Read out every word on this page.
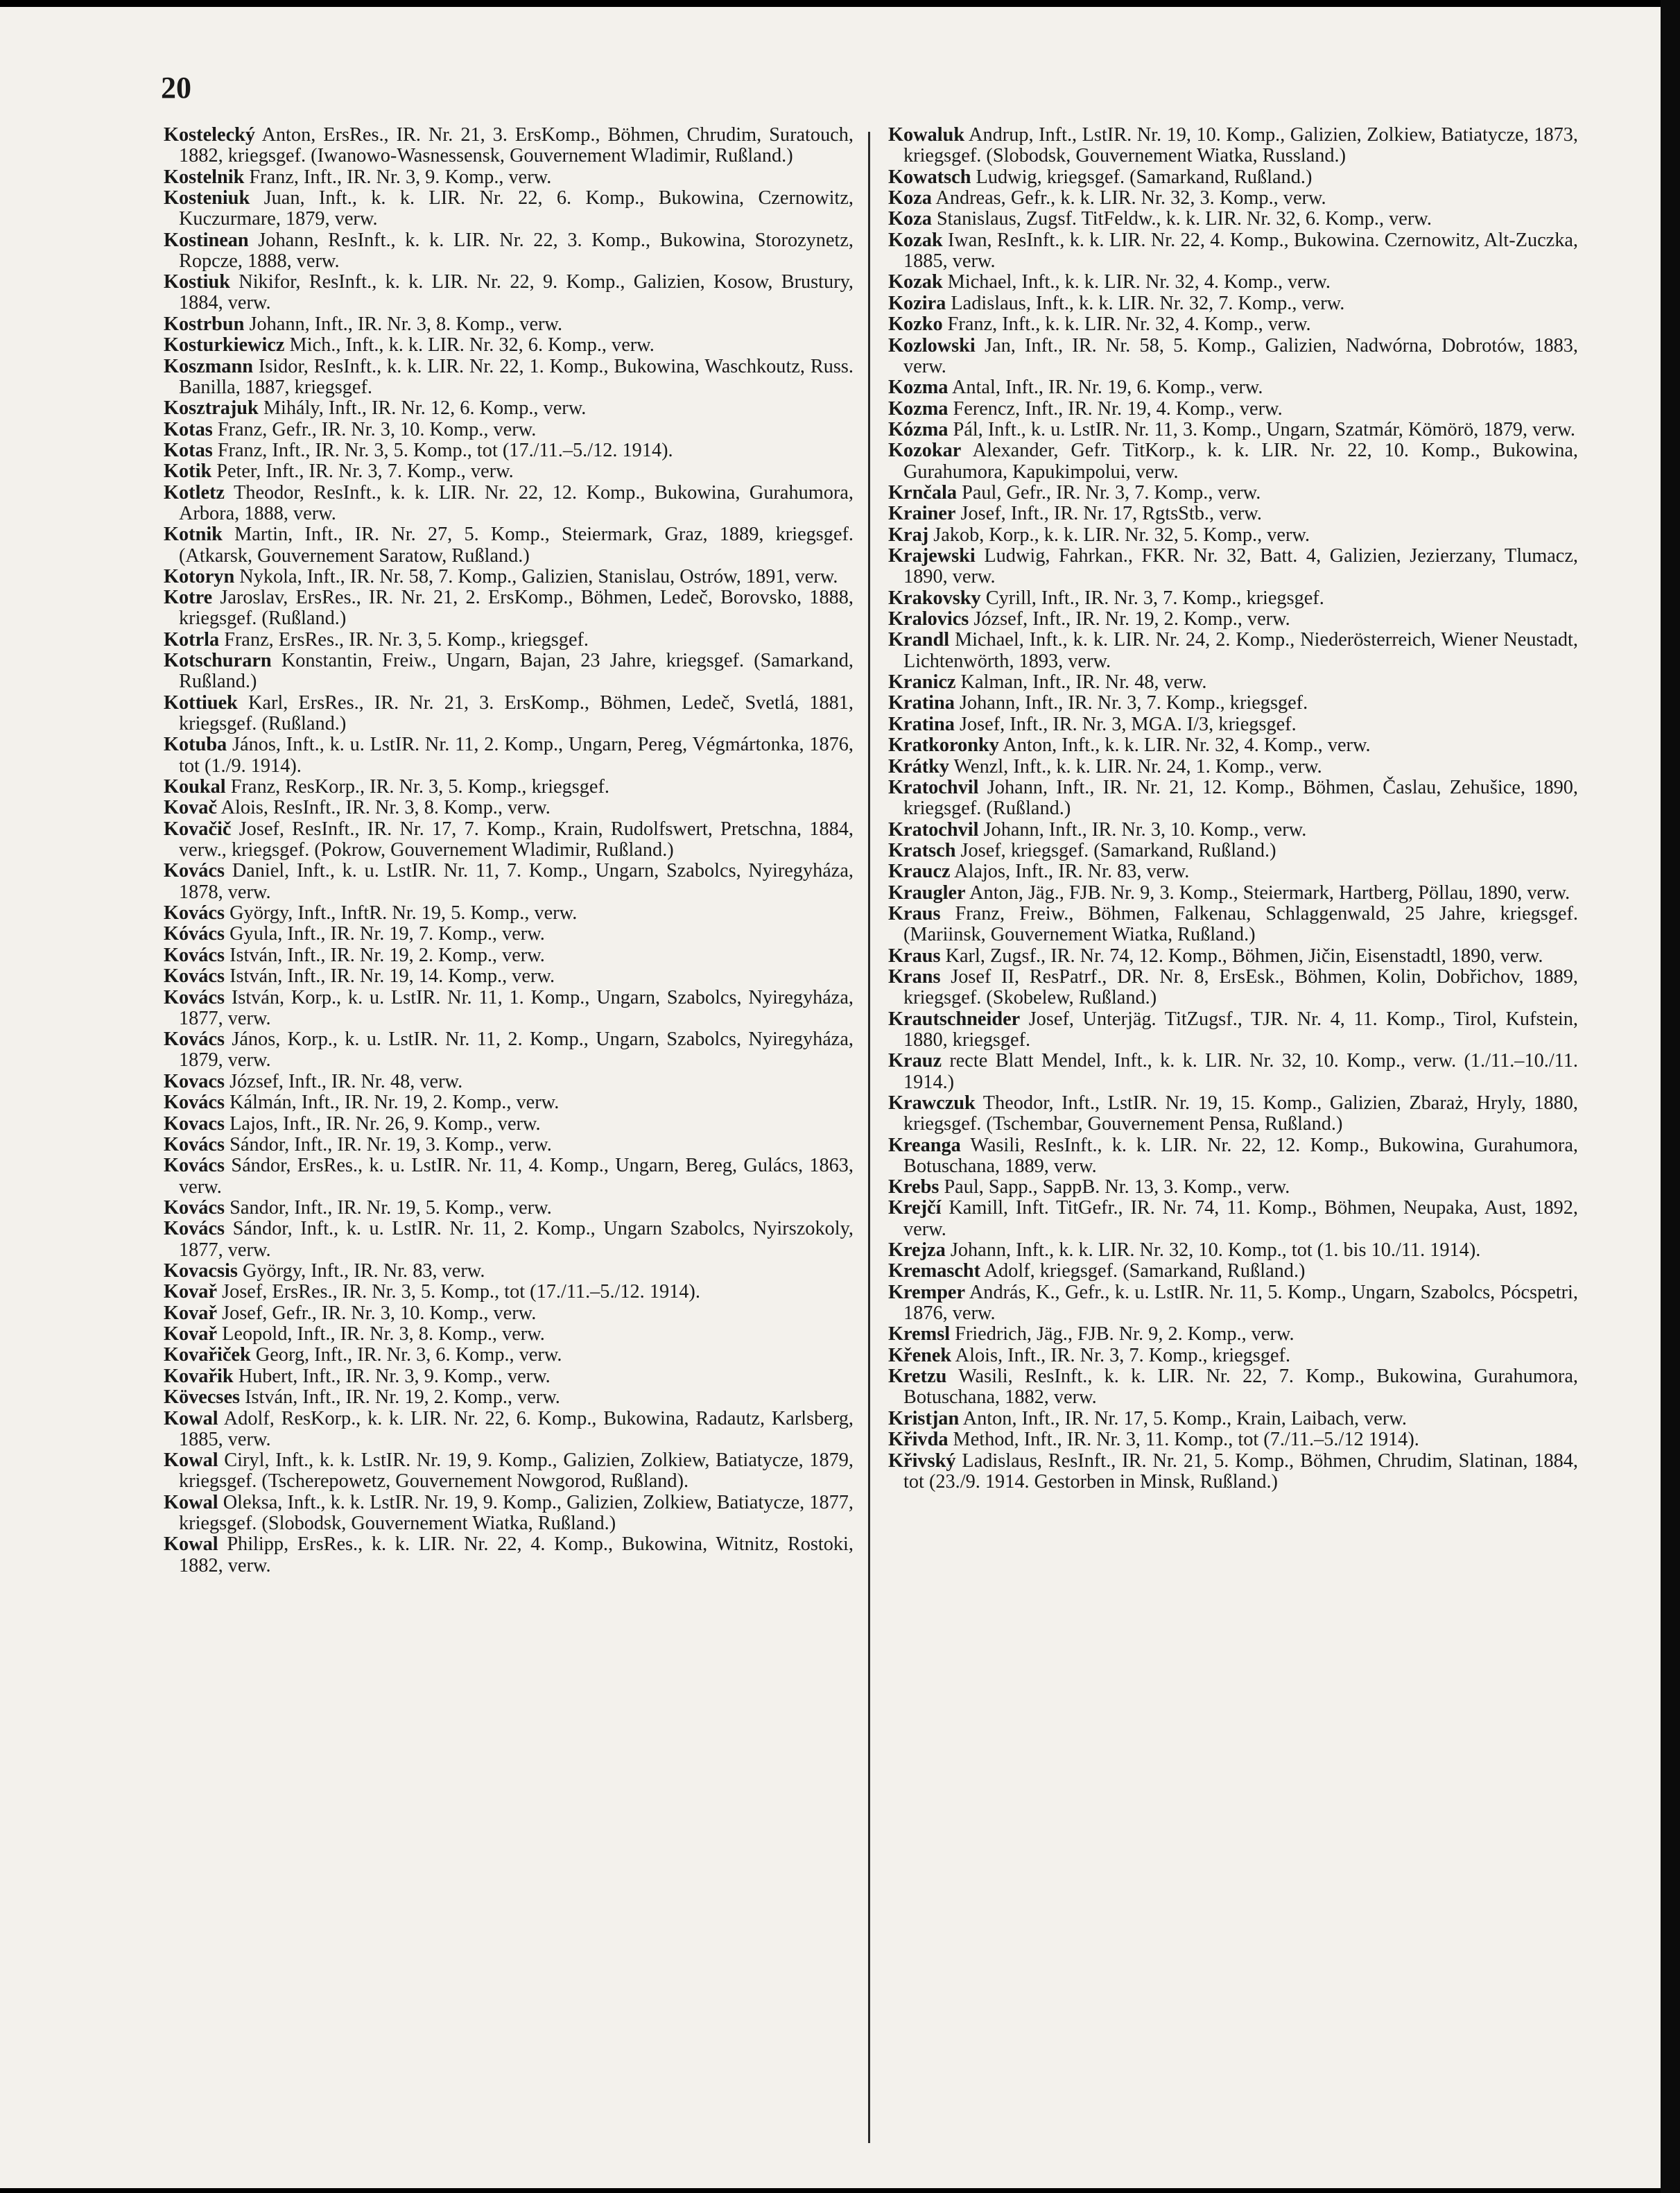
20

Kostelecký Anton, ErsRes., IR. Nr. 21, 3. ErsKomp., Böhmen, Chrudim, Suratouch, 1882, kriegsgef. (Iwanowo-Wasnessensk, Gouvernement Wladimir, Rußland.)

Kostelnik Franz, Inft., IR. Nr. 3, 9. Komp., verw.

Kosteniuk Juan, Inft., k. k. LIR. Nr. 22, 6. Komp., Bukowina, Czernowitz, Kuczurmare, 1879, verw.

Kostinean Johann, ResInft., k. k. LIR. Nr. 22, 3. Komp., Bukowina, Storozynetz, Ropcze, 1888, verw.

Kostiuk Nikifor, ResInft., k. k. LIR. Nr. 22, 9. Komp., Galizien, Kosow, Brustury, 1884, verw.

Kostrbun Johann, Inft., IR. Nr. 3, 8. Komp., verw.

Kosturkiewicz Mich., Inft., k. k. LIR. Nr. 32, 6. Komp., verw.

Koszmann Isidor, ResInft., k. k. LIR. Nr. 22, 1. Komp., Bukowina, Waschkoutz, Russ. Banilla, 1887, kriegsgef.

Kosztrajuk Mihály, Inft., IR. Nr. 12, 6. Komp., verw.

Kotas Franz, Gefr., IR. Nr. 3, 10. Komp., verw.

Kotas Franz, Inft., IR. Nr. 3, 5. Komp., tot (17./11.–5./12. 1914).

Kotik Peter, Inft., IR. Nr. 3, 7. Komp., verw.

Kotletz Theodor, ResInft., k. k. LIR. Nr. 22, 12. Komp., Bukowina, Gurahumora, Arbora, 1888, verw.

Kotnik Martin, Inft., IR. Nr. 27, 5. Komp., Steiermark, Graz, 1889, kriegsgef. (Atkarsk, Gouvernement Saratow, Rußland.)

Kotoryn Nykola, Inft., IR. Nr. 58, 7. Komp., Galizien, Stanislau, Ostrów, 1891, verw.

Kotre Jaroslav, ErsRes., IR. Nr. 21, 2. ErsKomp., Böhmen, Ledeč, Borovsko, 1888, kriegsgef. (Rußland.)

Kotrla Franz, ErsRes., IR. Nr. 3, 5. Komp., kriegsgef.

Kotschurarn Konstantin, Freiw., Ungarn, Bajan, 23 Jahre, kriegsgef. (Samarkand, Rußland.)

Kottiuek Karl, ErsRes., IR. Nr. 21, 3. ErsKomp., Böhmen, Ledeč, Svetlá, 1881, kriegsgef. (Rußland.)

Kotuba János, Inft., k. u. LstIR. Nr. 11, 2. Komp., Ungarn, Pereg, Végmártonka, 1876, tot (1./9. 1914).

Koukal Franz, ResKorp., IR. Nr. 3, 5. Komp., kriegsgef.

Kovač Alois, ResInft., IR. Nr. 3, 8. Komp., verw.

Kovačič Josef, ResInft., IR. Nr. 17, 7. Komp., Krain, Rudolfswert, Pretschna, 1884, verw., kriegsgef. (Pokrow, Gouvernement Wladimir, Rußland.)

Kovács Daniel, Inft., k. u. LstIR. Nr. 11, 7. Komp., Ungarn, Szabolcs, Nyiregyháza, 1878, verw.

Kovács György, Inft., InftR. Nr. 19, 5. Komp., verw.

Kóvács Gyula, Inft., IR. Nr. 19, 7. Komp., verw.

Kovács István, Inft., IR. Nr. 19, 2. Komp., verw.

Kovács István, Inft., IR. Nr. 19, 14. Komp., verw.

Kovács István, Korp., k. u. LstIR. Nr. 11, 1. Komp., Ungarn, Szabolcs, Nyiregyháza, 1877, verw.

Kovács János, Korp., k. u. LstIR. Nr. 11, 2. Komp., Ungarn, Szabolcs, Nyiregyháza, 1879, verw.

Kovacs József, Inft., IR. Nr. 48, verw.

Kovács Kálmán, Inft., IR. Nr. 19, 2. Komp., verw.

Kovacs Lajos, Inft., IR. Nr. 26, 9. Komp., verw.

Kovács Sándor, Inft., IR. Nr. 19, 3. Komp., verw.

Kovács Sándor, ErsRes., k. u. LstIR. Nr. 11, 4. Komp., Ungarn, Bereg, Gulács, 1863, verw.

Kovács Sandor, Inft., IR. Nr. 19, 5. Komp., verw.

Kovács Sándor, Inft., k. u. LstIR. Nr. 11, 2. Komp., Ungarn Szabolcs, Nyirszokoly, 1877, verw.

Kovacsis György, Inft., IR. Nr. 83, verw.

Kovař Josef, ErsRes., IR. Nr. 3, 5. Komp., tot (17./11.–5./12. 1914).

Kovař Josef, Gefr., IR. Nr. 3, 10. Komp., verw.

Kovař Leopold, Inft., IR. Nr. 3, 8. Komp., verw.

Kovařiček Georg, Inft., IR. Nr. 3, 6. Komp., verw.

Kovařik Hubert, Inft., IR. Nr. 3, 9. Komp., verw.

Kövecses István, Inft., IR. Nr. 19, 2. Komp., verw.

Kowal Adolf, ResKorp., k. k. LIR. Nr. 22, 6. Komp., Bukowina, Radautz, Karlsberg, 1885, verw.

Kowal Ciryl, Inft., k. k. LstIR. Nr. 19, 9. Komp., Galizien, Zolkiew, Batiatycze, 1879, kriegsgef. (Tscherepowetz, Gouvernement Nowgorod, Rußland).

Kowal Oleksa, Inft., k. k. LstIR. Nr. 19, 9. Komp., Galizien, Zolkiew, Batiatycze, 1877, kriegsgef. (Slobodsk, Gouvernement Wiatka, Rußland.)

Kowal Philipp, ErsRes., k. k. LIR. Nr. 22, 4. Komp., Bukowina, Witnitz, Rostoki, 1882, verw.

Kowaluk Andrup, Inft., LstIR. Nr. 19, 10. Komp., Galizien, Zolkiew, Batiatycze, 1873, kriegsgef. (Slobodsk, Gouvernement Wiatka, Russland.)

Kowatsch Ludwig, kriegsgef. (Samarkand, Rußland.)

Koza Andreas, Gefr., k. k. LIR. Nr. 32, 3. Komp., verw.

Koza Stanislaus, Zugsf. TitFeldw., k. k. LIR. Nr. 32, 6. Komp., verw.

Kozak Iwan, ResInft., k. k. LIR. Nr. 22, 4. Komp., Bukowina. Czernowitz, Alt-Zuczka, 1885, verw.

Kozak Michael, Inft., k. k. LIR. Nr. 32, 4. Komp., verw.

Kozira Ladislaus, Inft., k. k. LIR. Nr. 32, 7. Komp., verw.

Kozko Franz, Inft., k. k. LIR. Nr. 32, 4. Komp., verw.

Kozlowski Jan, Inft., IR. Nr. 58, 5. Komp., Galizien, Nadwórna, Dobrotów, 1883, verw.

Kozma Antal, Inft., IR. Nr. 19, 6. Komp., verw.

Kozma Ferencz, Inft., IR. Nr. 19, 4. Komp., verw.

Kózma Pál, Inft., k. u. LstIR. Nr. 11, 3. Komp., Ungarn, Szatmár, Kömörö, 1879, verw.

Kozokar Alexander, Gefr. TitKorp., k. k. LIR. Nr. 22, 10. Komp., Bukowina, Gurahumora, Kapukimpolui, verw.

Krnčala Paul, Gefr., IR. Nr. 3, 7. Komp., verw.

Krainer Josef, Inft., IR. Nr. 17, RgtsStb., verw.

Kraj Jakob, Korp., k. k. LIR. Nr. 32, 5. Komp., verw.

Krajewski Ludwig, Fahrkan., FKR. Nr. 32, Batt. 4, Galizien, Jezierzany, Tlumacz, 1890, verw.

Krakovsky Cyrill, Inft., IR. Nr. 3, 7. Komp., kriegsgef.

Kralovics József, Inft., IR. Nr. 19, 2. Komp., verw.

Krandl Michael, Inft., k. k. LIR. Nr. 24, 2. Komp., Niederösterreich, Wiener Neustadt, Lichtenwörth, 1893, verw.

Kranicz Kalman, Inft., IR. Nr. 48, verw.

Kratina Johann, Inft., IR. Nr. 3, 7. Komp., kriegsgef.

Kratina Josef, Inft., IR. Nr. 3, MGA. I/3, kriegsgef.

Kratkoronky Anton, Inft., k. k. LIR. Nr. 32, 4. Komp., verw.

Krátky Wenzl, Inft., k. k. LIR. Nr. 24, 1. Komp., verw.

Kratochvil Johann, Inft., IR. Nr. 21, 12. Komp., Böhmen, Časlau, Zehušice, 1890, kriegsgef. (Rußland.)

Kratochvil Johann, Inft., IR. Nr. 3, 10. Komp., verw.

Kratsch Josef, kriegsgef. (Samarkand, Rußland.)

Kraucz Alajos, Inft., IR. Nr. 83, verw.

Kraugler Anton, Jäg., FJB. Nr. 9, 3. Komp., Steiermark, Hartberg, Pöllau, 1890, verw.

Kraus Franz, Freiw., Böhmen, Falkenau, Schlaggenwald, 25 Jahre, kriegsgef. (Mariinsk, Gouvernement Wiatka, Rußland.)

Kraus Karl, Zugsf., IR. Nr. 74, 12. Komp., Böhmen, Jičin, Eisenstadtl, 1890, verw.

Krans Josef II, ResPatrf., DR. Nr. 8, ErsEsk., Böhmen, Kolin, Dobřichov, 1889, kriegsgef. (Skobelew, Rußland.)

Krautschneider Josef, Unterjäg. TitZugsf., TJR. Nr. 4, 11. Komp., Tirol, Kufstein, 1880, kriegsgef.

Krauz recte Blatt Mendel, Inft., k. k. LIR. Nr. 32, 10. Komp., verw. (1./11.–10./11. 1914.)

Krawczuk Theodor, Inft., LstIR. Nr. 19, 15. Komp., Galizien, Zbaraż, Hryly, 1880, kriegsgef. (Tschembar, Gouvernement Pensa, Rußland.)

Kreanga Wasili, ResInft., k. k. LIR. Nr. 22, 12. Komp., Bukowina, Gurahumora, Botuschana, 1889, verw.

Krebs Paul, Sapp., SappB. Nr. 13, 3. Komp., verw.

Krejčí Kamill, Inft. TitGefr., IR. Nr. 74, 11. Komp., Böhmen, Neupaka, Aust, 1892, verw.

Krejza Johann, Inft., k. k. LIR. Nr. 32, 10. Komp., tot (1. bis 10./11. 1914).

Kremascht Adolf, kriegsgef. (Samarkand, Rußland.)

Kremper András, K., Gefr., k. u. LstIR. Nr. 11, 5. Komp., Ungarn, Szabolcs, Pócspetri, 1876, verw.

Kremsl Friedrich, Jäg., FJB. Nr. 9, 2. Komp., verw.

Křenek Alois, Inft., IR. Nr. 3, 7. Komp., kriegsgef.

Kretzu Wasili, ResInft., k. k. LIR. Nr. 22, 7. Komp., Bukowina, Gurahumora, Botuschana, 1882, verw.

Kristjan Anton, Inft., IR. Nr. 17, 5. Komp., Krain, Laibach, verw.

Křivda Method, Inft., IR. Nr. 3, 11. Komp., tot (7./11.–5./12 1914).

Křivský Ladislaus, ResInft., IR. Nr. 21, 5. Komp., Böhmen, Chrudim, Slatinan, 1884, tot (23./9. 1914. Gestorben in Minsk, Rußland.)
